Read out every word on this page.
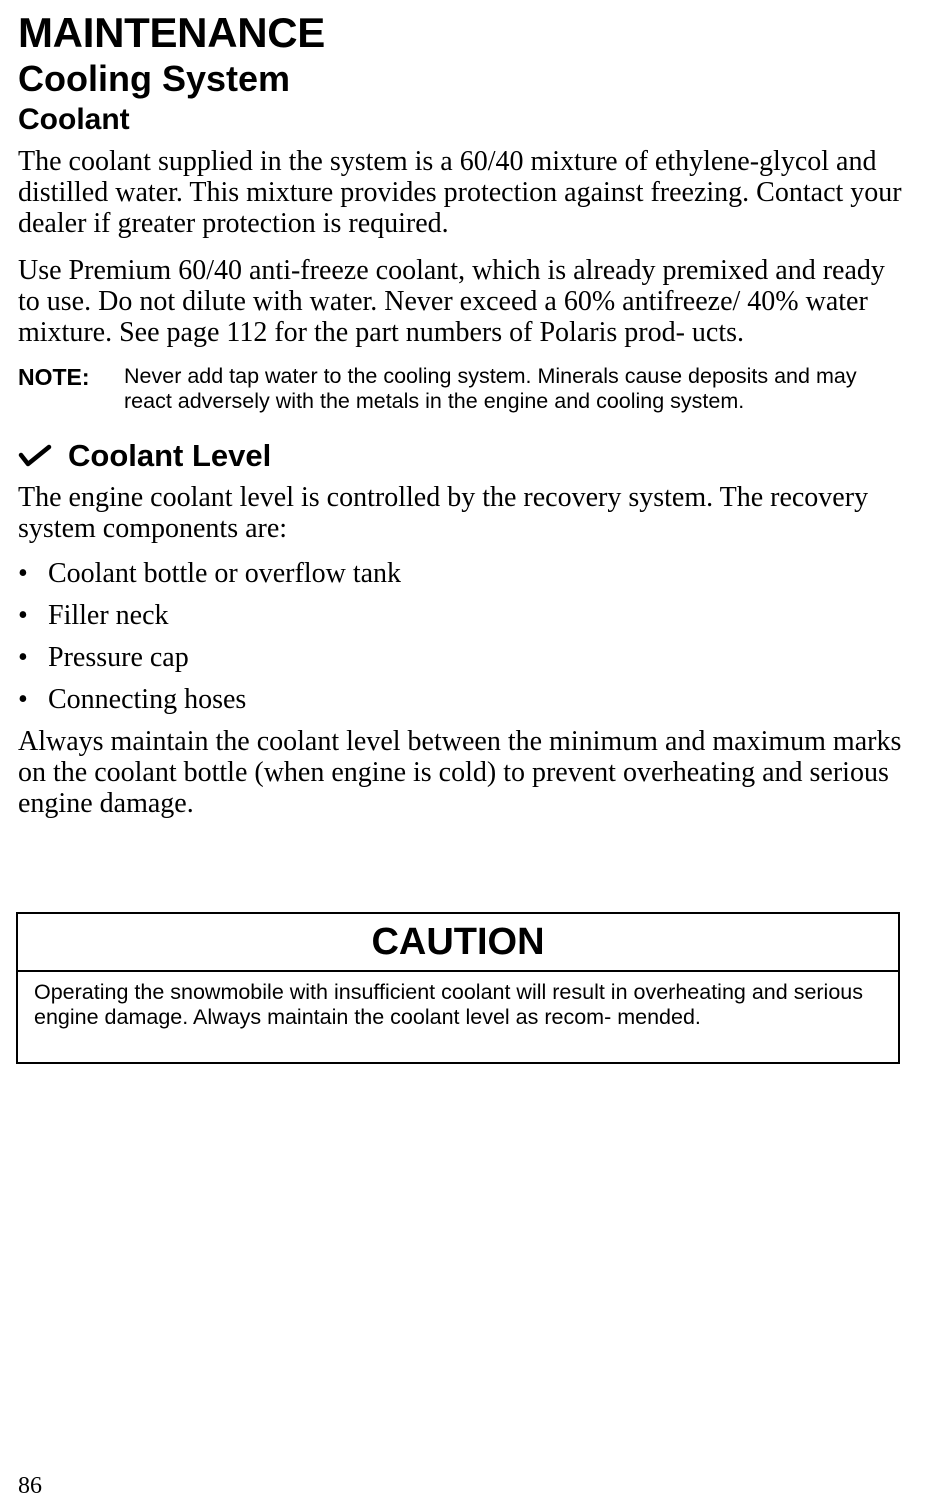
MAINTENANCE
Cooling System
Coolant

The coolant supplied in the system is a 60/40 mixture of ethylene-glycol and distilled water. This mixture provides protection against freezing. Contact your dealer if greater protection is required.

Use Premium 60/40 anti-freeze coolant, which is already premixed and ready to use. Do not dilute with water. Never exceed a 60% antifreeze/ 40% water mixture. See page 112 for the part numbers of Polaris prod- ucts.

NOTE:	Never add tap water to the cooling system. Minerals cause deposits and may react adversely with the metals in the engine and cooling system.
Coolant Level

The engine coolant level is controlled by the recovery system. The recovery system components are:

• Coolant bottle or overflow tank
• Filler neck
• Pressure cap
• Connecting hoses

Always maintain the coolant level between the minimum and maximum marks on the coolant bottle (when engine is cold) to prevent overheating and serious engine damage.

CAUTION
Operating the snowmobile with insufficient coolant will result in overheating and serious engine damage. Always maintain the coolant level as recom- mended.
86
